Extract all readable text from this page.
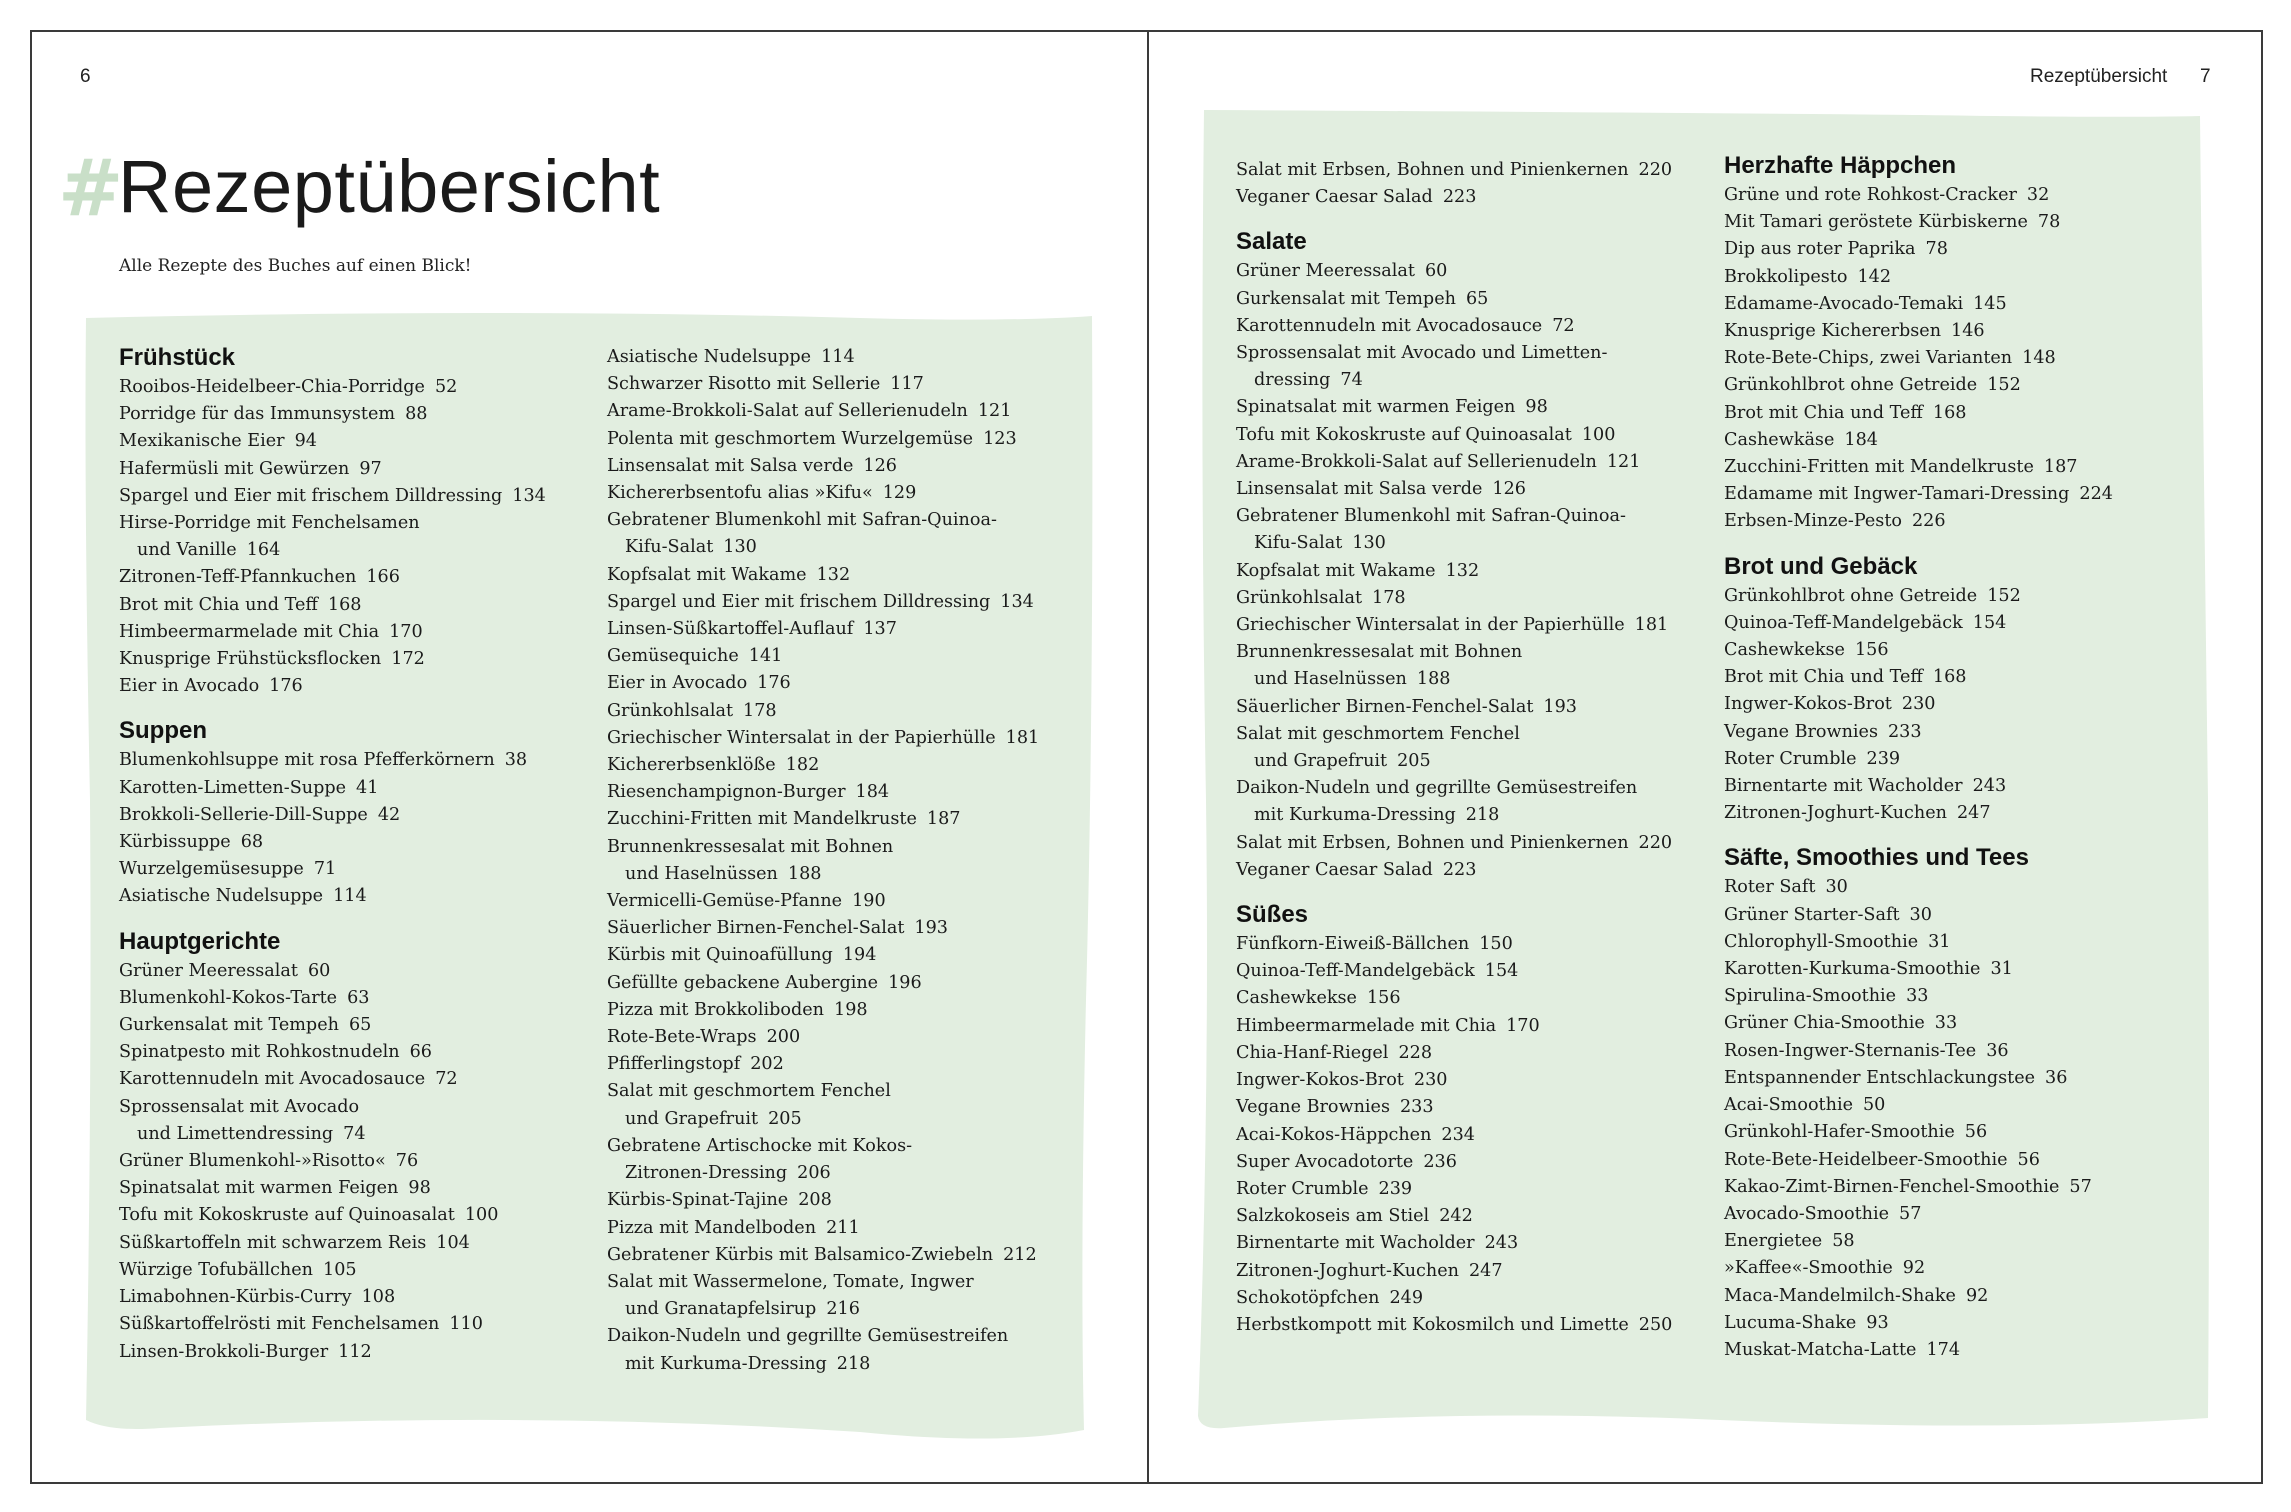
6
#
Rezeptübersicht
Alle Rezepte des Buches auf einen Blick!
Rezeptübersicht 7
Frühstück
Rooibos-Heidelbeer-Chia-Porridge 52
Porridge für das Immunsystem 88
Mexikanische Eier 94
Hafermüsli mit Gewürzen 97
Spargel und Eier mit frischem Dilldressing 134
Hirse-Porridge mit Fenchelsamen
und Vanille 164
Zitronen-Teff-Pfannkuchen 166
Brot mit Chia und Teff 168
Himbeermarmelade mit Chia 170
Knusprige Frühstücksflocken 172
Eier in Avocado 176
Suppen
Blumenkohlsuppe mit rosa Pfefferkörnern 38
Karotten-Limetten-Suppe 41
Brokkoli-Sellerie-Dill-Suppe 42
Kürbissuppe 68
Wurzelgemüsesuppe 71
Asiatische Nudelsuppe 114
Hauptgerichte
Grüner Meeressalat 60
Blumenkohl-Kokos-Tarte 63
Gurkensalat mit Tempeh 65
Spinatpesto mit Rohkostnudeln 66
Karottennudeln mit Avocadosauce 72
Sprossensalat mit Avocado
und Limettendressing 74
Grüner Blumenkohl-»Risotto« 76
Spinatsalat mit warmen Feigen 98
Tofu mit Kokoskruste auf Quinoasalat 100
Süßkartoffeln mit schwarzem Reis 104
Würzige Tofubällchen 105
Limabohnen-Kürbis-Curry 108
Süßkartoffelrösti mit Fenchelsamen 110
Linsen-Brokkoli-Burger 112
Asiatische Nudelsuppe 114
Schwarzer Risotto mit Sellerie 117
Arame-Brokkoli-Salat auf Sellerienudeln 121
Polenta mit geschmortem Wurzelgemüse 123
Linsensalat mit Salsa verde 126
Kichererbsentofu alias »Kifu« 129
Gebratener Blumenkohl mit Safran-Quinoa-
Kifu-Salat 130
Kopfsalat mit Wakame 132
Spargel und Eier mit frischem Dilldressing 134
Linsen-Süßkartoffel-Auflauf 137
Gemüsequiche 141
Eier in Avocado 176
Grünkohlsalat 178
Griechischer Wintersalat in der Papierhülle 181
Kichererbsenklöße 182
Riesenchampignon-Burger 184
Zucchini-Fritten mit Mandelkruste 187
Brunnenkressesalat mit Bohnen
und Haselnüssen 188
Vermicelli-Gemüse-Pfanne 190
Säuerlicher Birnen-Fenchel-Salat 193
Kürbis mit Quinoafüllung 194
Gefüllte gebackene Aubergine 196
Pizza mit Brokkoliboden 198
Rote-Bete-Wraps 200
Pfifferlingstopf 202
Salat mit geschmortem Fenchel
und Grapefruit 205
Gebratene Artischocke mit Kokos-
Zitronen-Dressing 206
Kürbis-Spinat-Tajine 208
Pizza mit Mandelboden 211
Gebratener Kürbis mit Balsamico-Zwiebeln 212
Salat mit Wassermelone, Tomate, Ingwer
und Granatapfelsirup 216
Daikon-Nudeln und gegrillte Gemüsestreifen
mit Kurkuma-Dressing 218
Salat mit Erbsen, Bohnen und Pinienkernen 220
Veganer Caesar Salad 223
Salate
Grüner Meeressalat 60
Gurkensalat mit Tempeh 65
Karottennudeln mit Avocadosauce 72
Sprossensalat mit Avocado und Limetten-
dressing 74
Spinatsalat mit warmen Feigen 98
Tofu mit Kokoskruste auf Quinoasalat 100
Arame-Brokkoli-Salat auf Sellerienudeln 121
Linsensalat mit Salsa verde 126
Gebratener Blumenkohl mit Safran-Quinoa-
Kifu-Salat 130
Kopfsalat mit Wakame 132
Grünkohlsalat 178
Griechischer Wintersalat in der Papierhülle 181
Brunnenkressesalat mit Bohnen
und Haselnüssen 188
Säuerlicher Birnen-Fenchel-Salat 193
Salat mit geschmortem Fenchel
und Grapefruit 205
Daikon-Nudeln und gegrillte Gemüsestreifen
mit Kurkuma-Dressing 218
Salat mit Erbsen, Bohnen und Pinienkernen 220
Veganer Caesar Salad 223
Süßes
Fünfkorn-Eiweiß-Bällchen 150
Quinoa-Teff-Mandelgebäck 154
Cashewkekse 156
Himbeermarmelade mit Chia 170
Chia-Hanf-Riegel 228
Ingwer-Kokos-Brot 230
Vegane Brownies 233
Acai-Kokos-Häppchen 234
Super Avocadotorte 236
Roter Crumble 239
Salzkokoseis am Stiel 242
Birnentarte mit Wacholder 243
Zitronen-Joghurt-Kuchen 247
Schokotöpfchen 249
Herbstkompott mit Kokosmilch und Limette 250
Herzhafte Häppchen
Grüne und rote Rohkost-Cracker 32
Mit Tamari geröstete Kürbiskerne 78
Dip aus roter Paprika 78
Brokkolipesto 142
Edamame-Avocado-Temaki 145
Knusprige Kichererbsen 146
Rote-Bete-Chips, zwei Varianten 148
Grünkohlbrot ohne Getreide 152
Brot mit Chia und Teff 168
Cashewkäse 184
Zucchini-Fritten mit Mandelkruste 187
Edamame mit Ingwer-Tamari-Dressing 224
Erbsen-Minze-Pesto 226
Brot und Gebäck
Grünkohlbrot ohne Getreide 152
Quinoa-Teff-Mandelgebäck 154
Cashewkekse 156
Brot mit Chia und Teff 168
Ingwer-Kokos-Brot 230
Vegane Brownies 233
Roter Crumble 239
Birnentarte mit Wacholder 243
Zitronen-Joghurt-Kuchen 247
Säfte, Smoothies und Tees
Roter Saft 30
Grüner Starter-Saft 30
Chlorophyll-Smoothie 31
Karotten-Kurkuma-Smoothie 31
Spirulina-Smoothie 33
Grüner Chia-Smoothie 33
Rosen-Ingwer-Sternanis-Tee 36
Entspannender Entschlackungstee 36
Acai-Smoothie 50
Grünkohl-Hafer-Smoothie 56
Rote-Bete-Heidelbeer-Smoothie 56
Kakao-Zimt-Birnen-Fenchel-Smoothie 57
Avocado-Smoothie 57
Energietee 58
»Kaffee«-Smoothie 92
Maca-Mandelmilch-Shake 92
Lucuma-Shake 93
Muskat-Matcha-Latte 174
